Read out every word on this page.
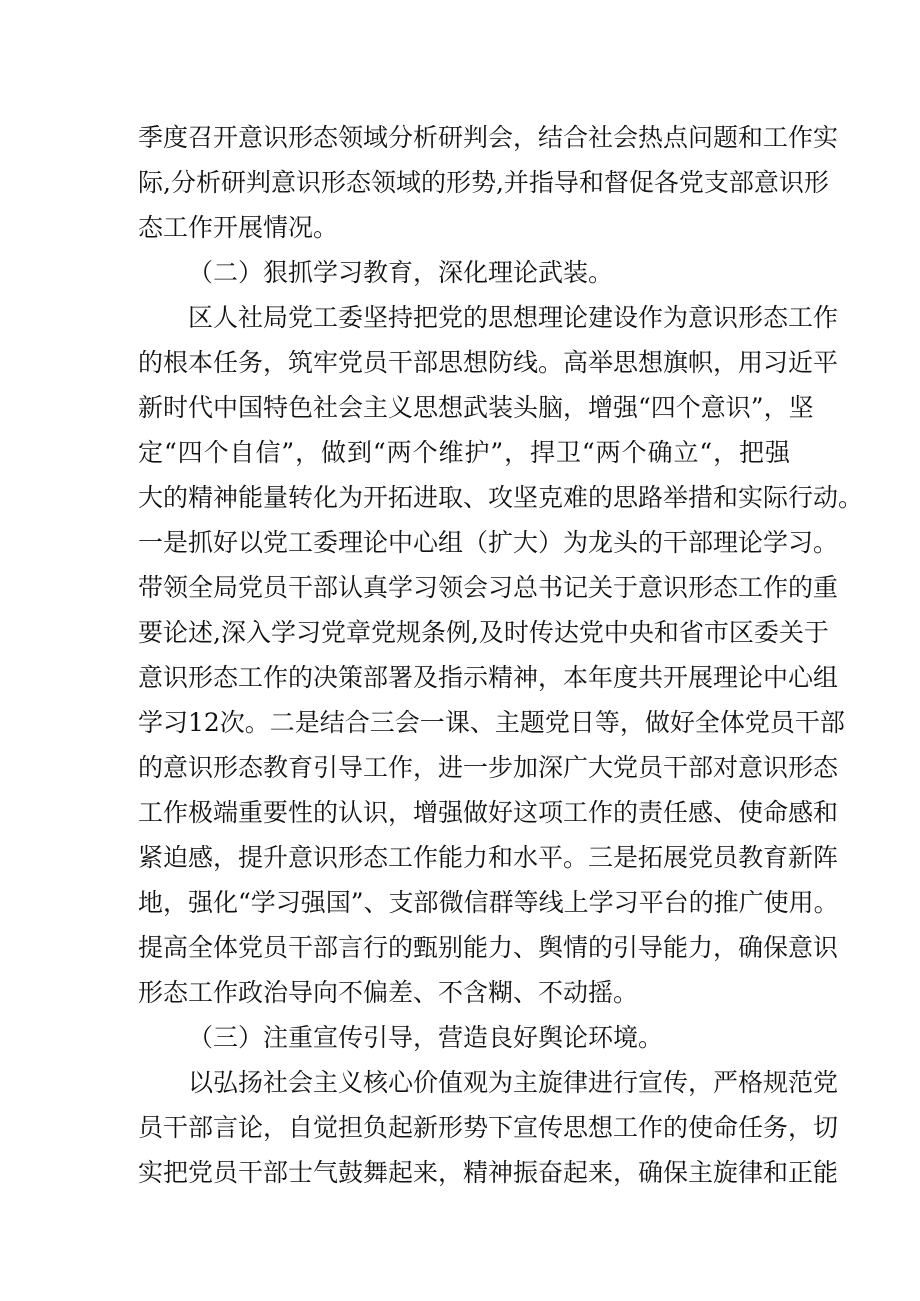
季度召开意识形态领域分析研判会，结合社会热点问题和工作实
际,分析研判意识形态领域的形势,并指导和督促各党支部意识形
态工作开展情况。
（二）狠抓学习教育，深化理论武装。
区人社局党工委坚持把党的思想理论建设作为意识形态工作
的根本任务，筑牢党员干部思想防线。高举思想旗帜，用习近平
新时代中国特色社会主义思想武装头脑，增强“四个意识”，坚
定“四个自信”，做到“两个维护”，捍卫“两个确立“，把强
大的精神能量转化为开拓进取、攻坚克难的思路举措和实际行动。
一是抓好以党工委理论中心组（扩大）为龙头的干部理论学习。
带领全局党员干部认真学习领会习总书记关于意识形态工作的重
要论述,深入学习党章党规条例,及时传达党中央和省市区委关于
意识形态工作的决策部署及指示精神，本年度共开展理论中心组
学习12次。二是结合三会一课、主题党日等，做好全体党员干部
的意识形态教育引导工作，进一步加深广大党员干部对意识形态
工作极端重要性的认识，增强做好这项工作的责任感、使命感和
紧迫感，提升意识形态工作能力和水平。三是拓展党员教育新阵
地，强化“学习强国”、支部微信群等线上学习平台的推广使用。
提高全体党员干部言行的甄别能力、舆情的引导能力，确保意识
形态工作政治导向不偏差、不含糊、不动摇。
（三）注重宣传引导，营造良好舆论环境。
以弘扬社会主义核心价值观为主旋律进行宣传，严格规范党
员干部言论，自觉担负起新形势下宣传思想工作的使命任务，切
实把党员干部士气鼓舞起来，精神振奋起来，确保主旋律和正能
